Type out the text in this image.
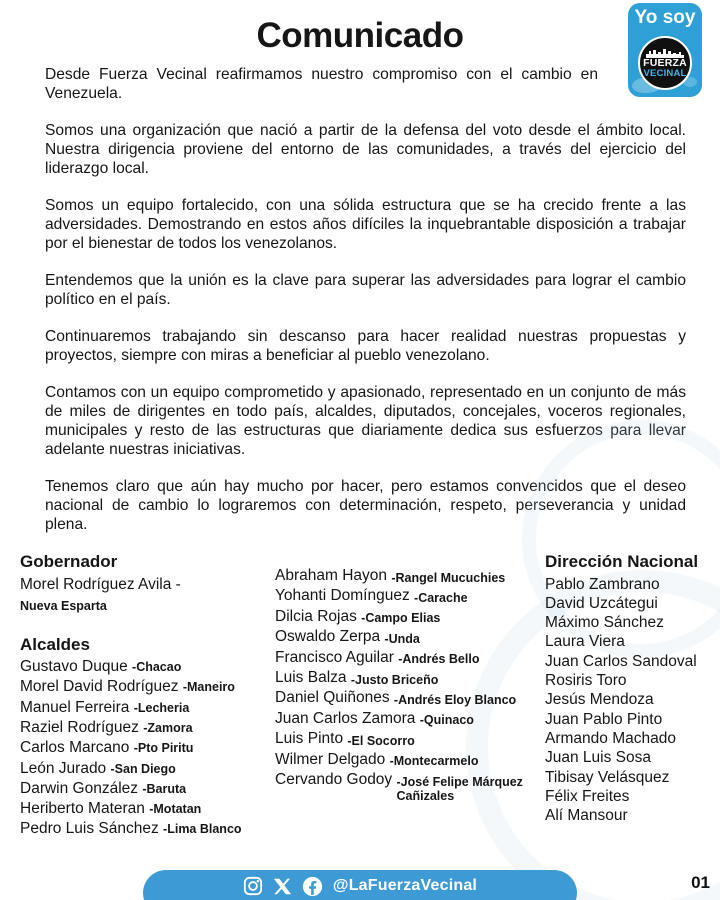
Comunicado	Yo soy
FUERZA
VECINAL

Desde Fuerza Vecinal reafirmamos nuestro compromiso con el cambio en Venezuela.

Somos una organización que nació a partir de la defensa del voto desde el ámbito local. Nuestra dirigencia proviene del entorno de las comunidades, a través del ejercicio del liderazgo local.

Somos un equipo fortalecido, con una sólida estructura que se ha crecido frente a las adversidades. Demostrando en estos años difíciles la inquebrantable disposición a trabajar por el bienestar de todos los venezolanos.

Entendemos que la unión es la clave para superar las adversidades para lograr el cambio político en el país.

Continuaremos trabajando sin descanso para hacer realidad nuestras propuestas y proyectos, siempre con miras a beneficiar al pueblo venezolano.

Contamos con un equipo comprometido y apasionado, representado en un conjunto de más de miles de dirigentes en todo país, alcaldes, diputados, concejales, voceros regionales, municipales y resto de las estructuras que diariamente dedica sus esfuerzos para llevar adelante nuestras iniciativas.

Tenemos claro que aún hay mucho por hacer, pero estamos convencidos que el deseo nacional de cambio lo lograremos con determinación, respeto, perseverancia y unidad plena.

Gobernador
Morel Rodríguez Avila -
Nueva Esparta
Alcaldes
Gustavo Duque -Chacao
Morel David Rodríguez -Maneiro
Manuel Ferreira -Lecheria
Raziel Rodríguez -Zamora
Carlos Marcano -Pto Piritu
León Jurado -San Diego
Darwin González -Baruta
Heriberto Materan -Motatan
Pedro Luis Sánchez -Lima Blanco
Abraham Hayon -Rangel Mucuchies
Yohanti Domínguez -Carache
Dilcia Rojas -Campo Elias
Oswaldo Zerpa -Unda
Francisco Aguilar -Andrés Bello
Luis Balza -Justo Briceño
Daniel Quiñones -Andrés Eloy Blanco
Juan Carlos Zamora -Quinaco
Luis Pinto -El Socorro
Wilmer Delgado -Montecarmelo
Cervando Godoy -José Felipe Márquez Cañizales
Dirección Nacional
Pablo Zambrano
David Uzcátegui
Máximo Sánchez
Laura Viera
Juan Carlos Sandoval
Rosiris Toro
Jesús Mendoza
Juan Pablo Pinto
Armando Machado
Juan Luis Sosa
Tibisay Velásquez
Félix Freites
Alí Mansour
@LaFuerzaVecinal	01
